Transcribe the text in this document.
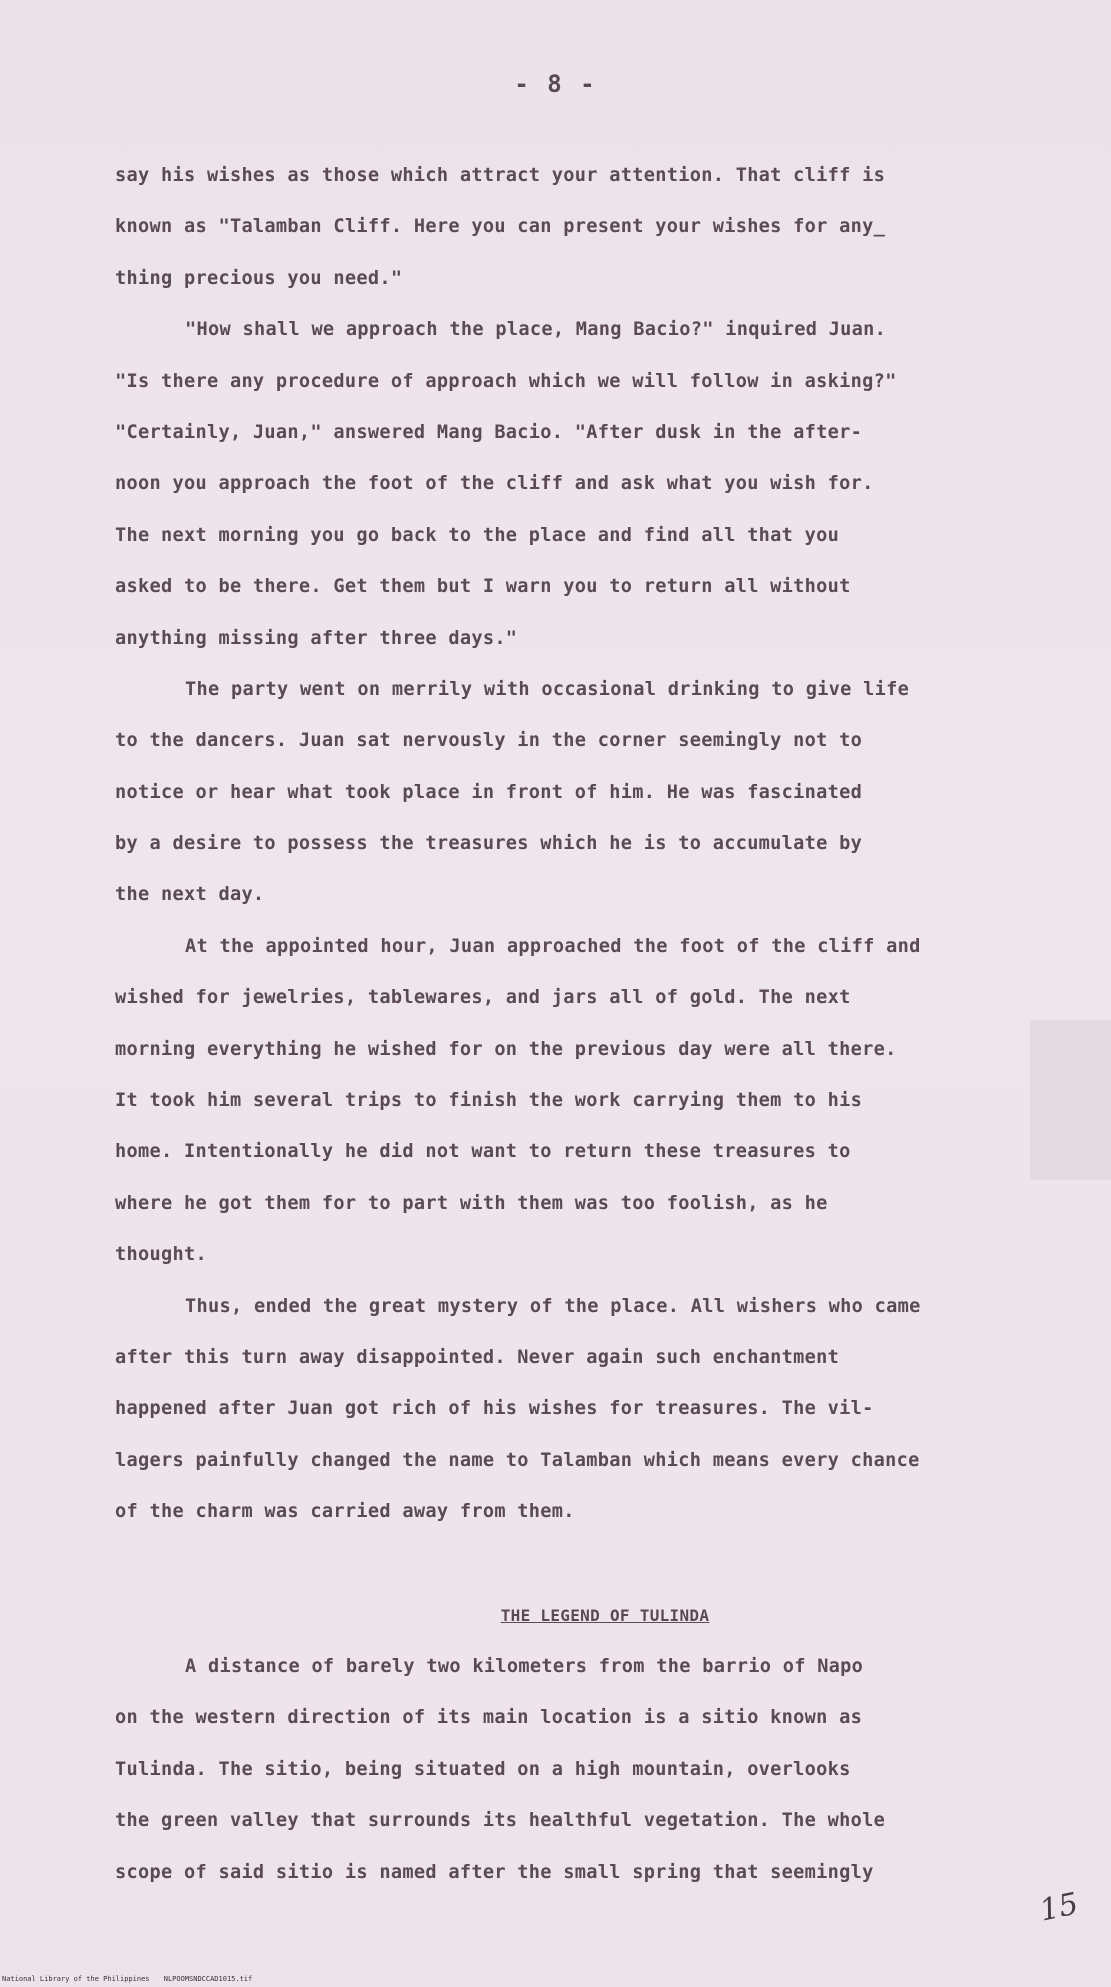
- 8 -
say his wishes as those which attract your attention. That cliff is
known as "Talamban Cliff. Here you can present your wishes for any_
thing precious you need."
"How shall we approach the place, Mang Bacio?" inquired Juan.
"Is there any procedure of approach which we will follow in asking?"
"Certainly, Juan," answered Mang Bacio. "After dusk in the after-
noon you approach the foot of the cliff and ask what you wish for.
The next morning you go back to the place and find all that you
asked to be there. Get them but I warn you to return all without
anything missing after three days."
The party went on merrily with occasional drinking to give life
to the dancers. Juan sat nervously in the corner seemingly not to
notice or hear what took place in front of him. He was fascinated
by a desire to possess the treasures which he is to accumulate by
the next day.
At the appointed hour, Juan approached the foot of the cliff and
wished for jewelries, tablewares, and jars all of gold. The next
morning everything he wished for on the previous day were all there.
It took him several trips to finish the work carrying them to his
home. Intentionally he did not want to return these treasures to
where he got them for to part with them was too foolish, as he
thought.
Thus, ended the great mystery of the place. All wishers who came
after this turn away disappointed. Never again such enchantment
happened after Juan got rich of his wishes for treasures. The vil-
lagers painfully changed the name to Talamban which means every chance
of the charm was carried away from them.
THE LEGEND OF TULINDA
A distance of barely two kilometers from the barrio of Napo
on the western direction of its main location is a sitio known as
Tulinda. The sitio, being situated on a high mountain, overlooks
the green valley that surrounds its healthful vegetation. The whole
scope of said sitio is named after the small spring that seemingly
15
National Library of the Philippines NLPOOMSNDCCAD1015.tif
